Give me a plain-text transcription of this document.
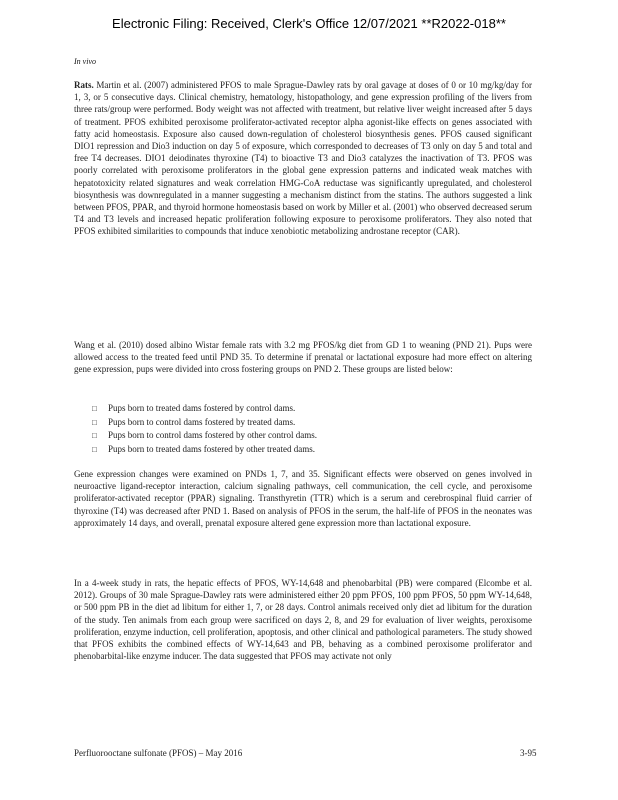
Electronic Filing: Received, Clerk's Office 12/07/2021 **R2022-018**
In vivo
Rats. Martin et al. (2007) administered PFOS to male Sprague-Dawley rats by oral gavage at doses of 0 or 10 mg/kg/day for 1, 3, or 5 consecutive days. Clinical chemistry, hematology, histopathology, and gene expression profiling of the livers from three rats/group were performed. Body weight was not affected with treatment, but relative liver weight increased after 5 days of treatment. PFOS exhibited peroxisome proliferator-activated receptor alpha agonist-like effects on genes associated with fatty acid homeostasis. Exposure also caused down-regulation of cholesterol biosynthesis genes. PFOS caused significant DIO1 repression and Dio3 induction on day 5 of exposure, which corresponded to decreases of T3 only on day 5 and total and free T4 decreases. DIO1 deiodinates thyroxine (T4) to bioactive T3 and Dio3 catalyzes the inactivation of T3. PFOS was poorly correlated with peroxisome proliferators in the global gene expression patterns and indicated weak matches with hepatotoxicity related signatures and weak correlation HMG-CoA reductase was significantly upregulated, and cholesterol biosynthesis was downregulated in a manner suggesting a mechanism distinct from the statins. The authors suggested a link between PFOS, PPAR, and thyroid hormone homeostasis based on work by Miller et al. (2001) who observed decreased serum T4 and T3 levels and increased hepatic proliferation following exposure to peroxisome proliferators. They also noted that PFOS exhibited similarities to compounds that induce xenobiotic metabolizing androstane receptor (CAR).
Wang et al. (2010) dosed albino Wistar female rats with 3.2 mg PFOS/kg diet from GD 1 to weaning (PND 21). Pups were allowed access to the treated feed until PND 35. To determine if prenatal or lactational exposure had more effect on altering gene expression, pups were divided into cross fostering groups on PND 2. These groups are listed below:
□ Pups born to treated dams fostered by control dams.
□ Pups born to control dams fostered by treated dams.
□ Pups born to control dams fostered by other control dams.
□ Pups born to treated dams fostered by other treated dams.
Gene expression changes were examined on PNDs 1, 7, and 35. Significant effects were observed on genes involved in neuroactive ligand-receptor interaction, calcium signaling pathways, cell communication, the cell cycle, and peroxisome proliferator-activated receptor (PPAR) signaling. Transthyretin (TTR) which is a serum and cerebrospinal fluid carrier of thyroxine (T4) was decreased after PND 1. Based on analysis of PFOS in the serum, the half-life of PFOS in the neonates was approximately 14 days, and overall, prenatal exposure altered gene expression more than lactational exposure.
In a 4-week study in rats, the hepatic effects of PFOS, WY-14,648 and phenobarbital (PB) were compared (Elcombe et al. 2012). Groups of 30 male Sprague-Dawley rats were administered either 20 ppm PFOS, 100 ppm PFOS, 50 ppm WY-14,648, or 500 ppm PB in the diet ad libitum for either 1, 7, or 28 days. Control animals received only diet ad libitum for the duration of the study. Ten animals from each group were sacrificed on days 2, 8, and 29 for evaluation of liver weights, peroxisome proliferation, enzyme induction, cell proliferation, apoptosis, and other clinical and pathological parameters. The study showed that PFOS exhibits the combined effects of WY-14,643 and PB, behaving as a combined peroxisome proliferator and phenobarbital-like enzyme inducer. The data suggested that PFOS may activate not only
Perfluorooctane sulfonate (PFOS) – May 2016	3-95
